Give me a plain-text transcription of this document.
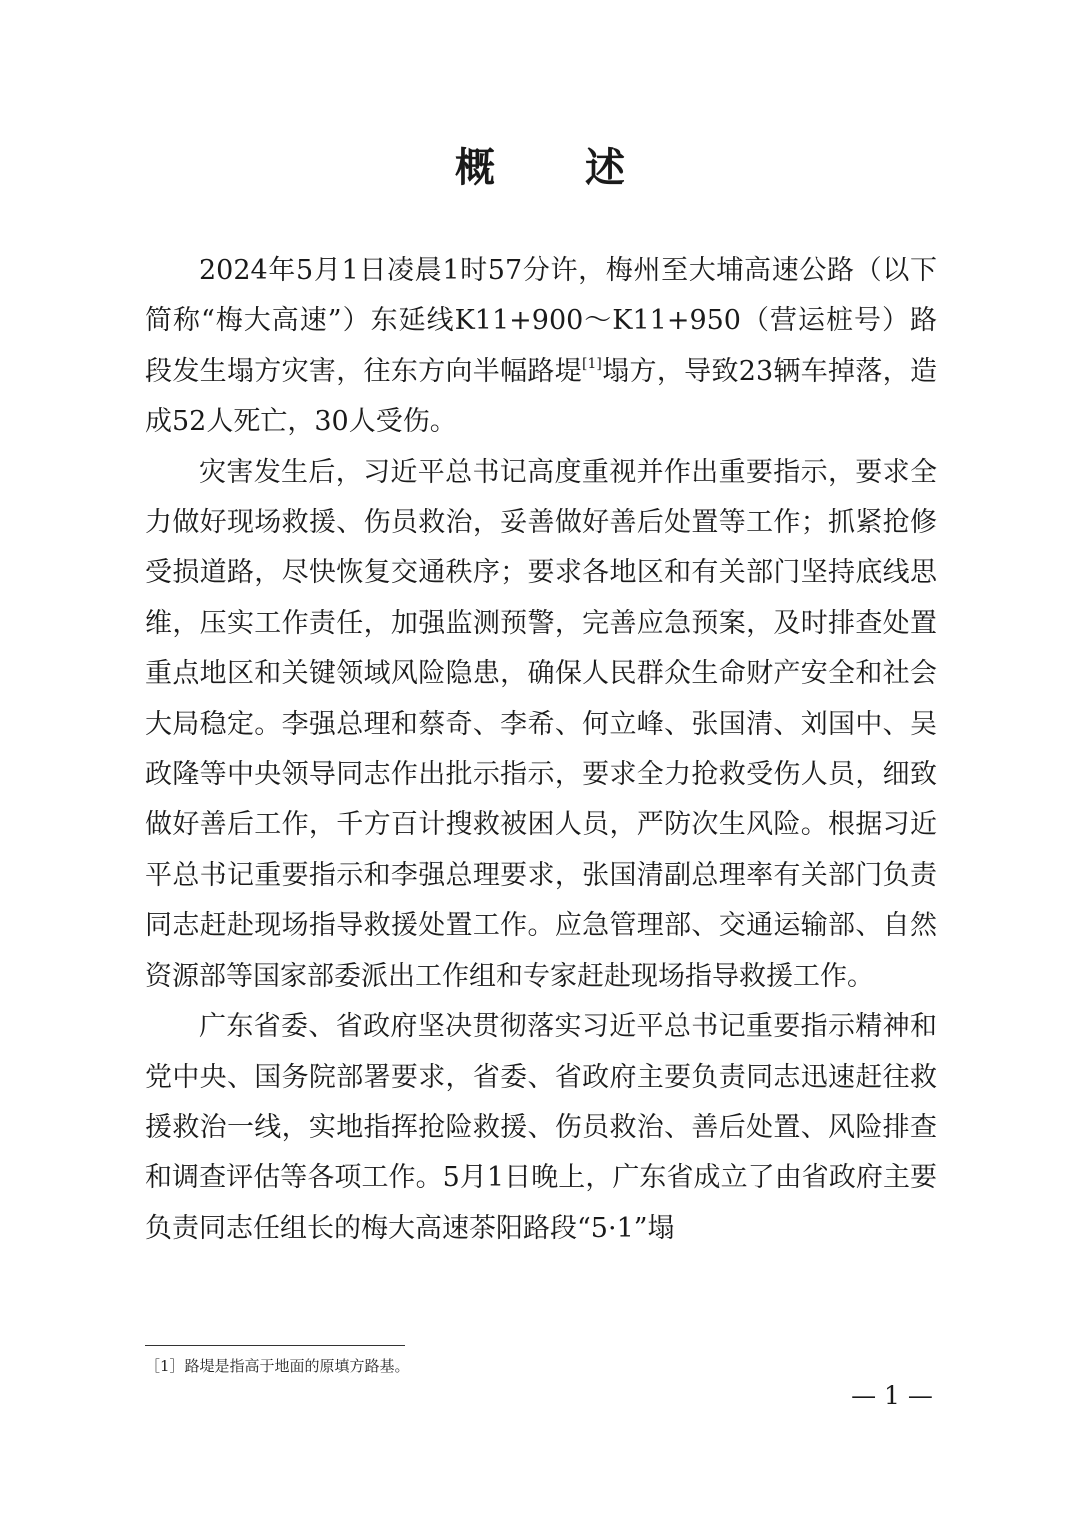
概 述

2024年5月1日凌晨1时57分许，梅州至大埔高速公路（以下简称“梅大高速”）东延线K11+900～K11+950（营运桩号）路段发生塌方灾害，往东方向半幅路堤[1]塌方，导致23辆车掉落，造成52人死亡，30人受伤。

灾害发生后，习近平总书记高度重视并作出重要指示，要求全力做好现场救援、伤员救治，妥善做好善后处置等工作；抓紧抢修受损道路，尽快恢复交通秩序；要求各地区和有关部门坚持底线思维，压实工作责任，加强监测预警，完善应急预案，及时排查处置重点地区和关键领域风险隐患，确保人民群众生命财产安全和社会大局稳定。李强总理和蔡奇、李希、何立峰、张国清、刘国中、吴政隆等中央领导同志作出批示指示，要求全力抢救受伤人员，细致做好善后工作，千方百计搜救被困人员，严防次生风险。根据习近平总书记重要指示和李强总理要求，张国清副总理率有关部门负责同志赶赴现场指导救援处置工作。应急管理部、交通运输部、自然资源部等国家部委派出工作组和专家赶赴现场指导救援工作。

广东省委、省政府坚决贯彻落实习近平总书记重要指示精神和党中央、国务院部署要求，省委、省政府主要负责同志迅速赶往救援救治一线，实地指挥抢险救援、伤员救治、善后处置、风险排查和调查评估等各项工作。5月1日晚上，广东省成立了由省政府主要负责同志任组长的梅大高速茶阳路段“5·1”塌

［1］路堤是指高于地面的原填方路基。
— 1 —
